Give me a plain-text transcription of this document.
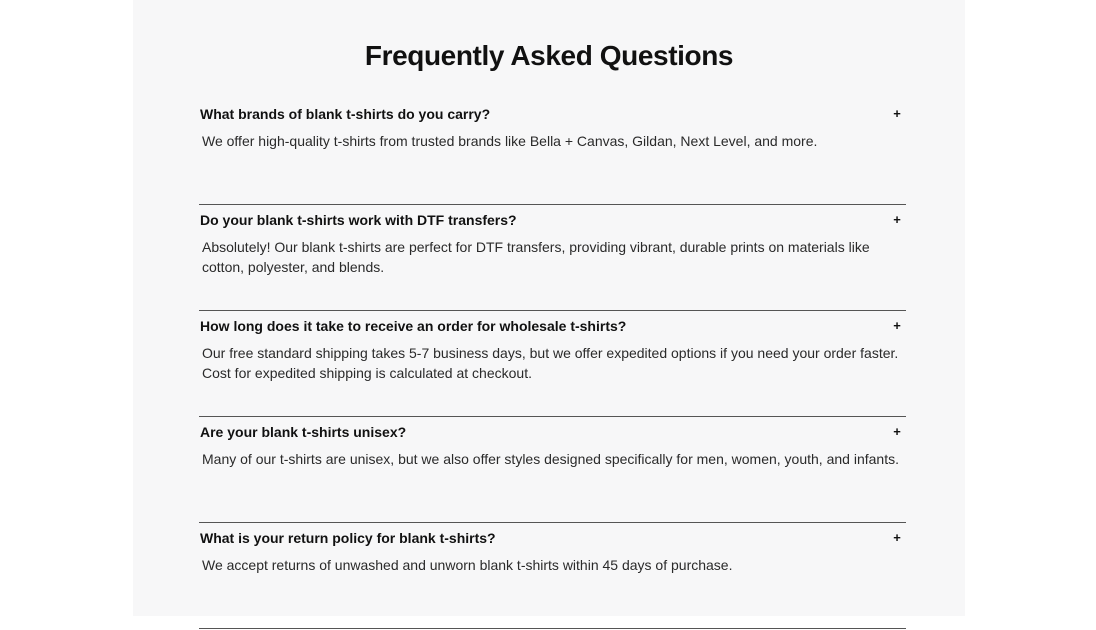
Frequently Asked Questions
What brands of blank t-shirts do you carry?	+

We offer high-quality t-shirts from trusted brands like Bella + Canvas, Gildan, Next Level, and more.

Do your blank t-shirts work with DTF transfers?	+

Absolutely! Our blank t-shirts are perfect for DTF transfers, providing vibrant, durable prints on materials like cotton, polyester, and blends.

How long does it take to receive an order for wholesale t-shirts?	+

Our free standard shipping takes 5-7 business days, but we offer expedited options if you need your order faster. Cost for expedited shipping is calculated at checkout.

Are your blank t-shirts unisex?	+

Many of our t-shirts are unisex, but we also offer styles designed specifically for men, women, youth, and infants.

What is your return policy for blank t-shirts?	+

We accept returns of unwashed and unworn blank t-shirts within 45 days of purchase.
